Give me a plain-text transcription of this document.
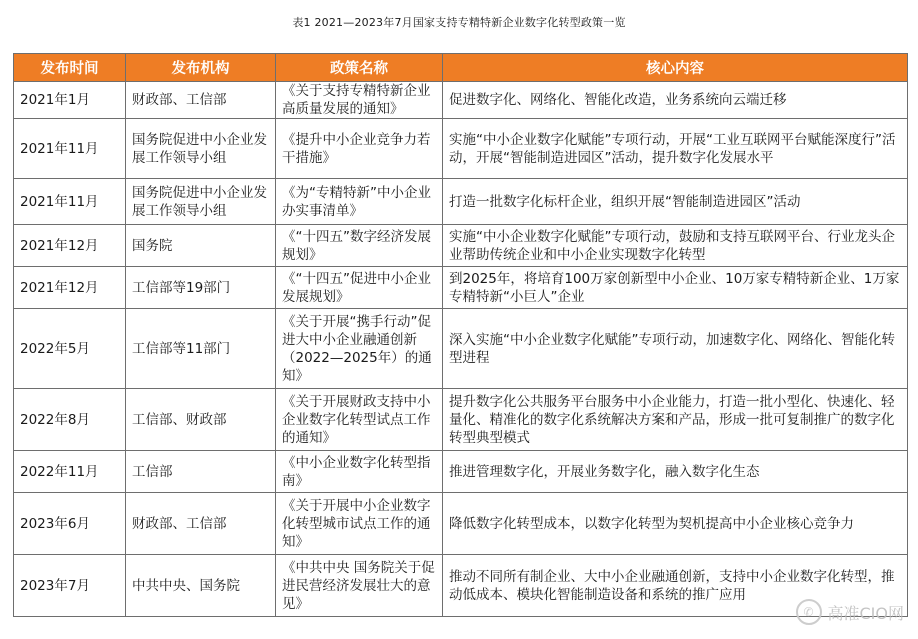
表1 2021—2023年7月国家支持专精特新企业数字化转型政策一览
发布时间	发布机构	政策名称	核心内容
2021年1月	财政部、工信部	《关于支持专精特新企业高质量发展的通知》	促进数字化、网络化、智能化改造，业务系统向云端迁移
2021年11月	国务院促进中小企业发展工作领导小组	《提升中小企业竞争力若干措施》	实施“中小企业数字化赋能”专项行动，开展“工业互联网平台赋能深度行”活动，开展“智能制造进园区”活动，提升数字化发展水平
2021年11月	国务院促进中小企业发展工作领导小组	《为“专精特新”中小企业办实事清单》	打造一批数字化标杆企业，组织开展“智能制造进园区”活动
2021年12月	国务院	《“十四五”数字经济发展规划》	实施“中小企业数字化赋能”专项行动，鼓励和支持互联网平台、行业龙头企业帮助传统企业和中小企业实现数字化转型
2021年12月	工信部等19部门	《“十四五”促进中小企业发展规划》	到2025年，将培育100万家创新型中小企业、10万家专精特新企业、1万家专精特新“小巨人”企业
2022年5月	工信部等11部门	《关于开展“携手行动”促进大中小企业融通创新（2022—2025年）的通知》	深入实施“中小企业数字化赋能”专项行动，加速数字化、网络化、智能化转型进程
2022年8月	工信部、财政部	《关于开展财政支持中小企业数字化转型试点工作的通知》	提升数字化公共服务平台服务中小企业能力，打造一批小型化、快速化、轻量化、精准化的数字化系统解决方案和产品，形成一批可复制推广的数字化转型典型模式
2022年11月	工信部	《中小企业数字化转型指南》	推进管理数字化，开展业务数字化，融入数字化生态
2023年6月	财政部、工信部	《关于开展中小企业数字化转型城市试点工作的通知》	降低数字化转型成本，以数字化转型为契机提高中小企业核心竞争力
2023年7月	中共中央、国务院	《中共中央 国务院关于促进民营经济发展壮大的意见》	推动不同所有制企业、大中小企业融通创新，支持中小企业数字化转型，推动低成本、模块化智能制造设备和系统的推广应用
✆ 高准CIO网
